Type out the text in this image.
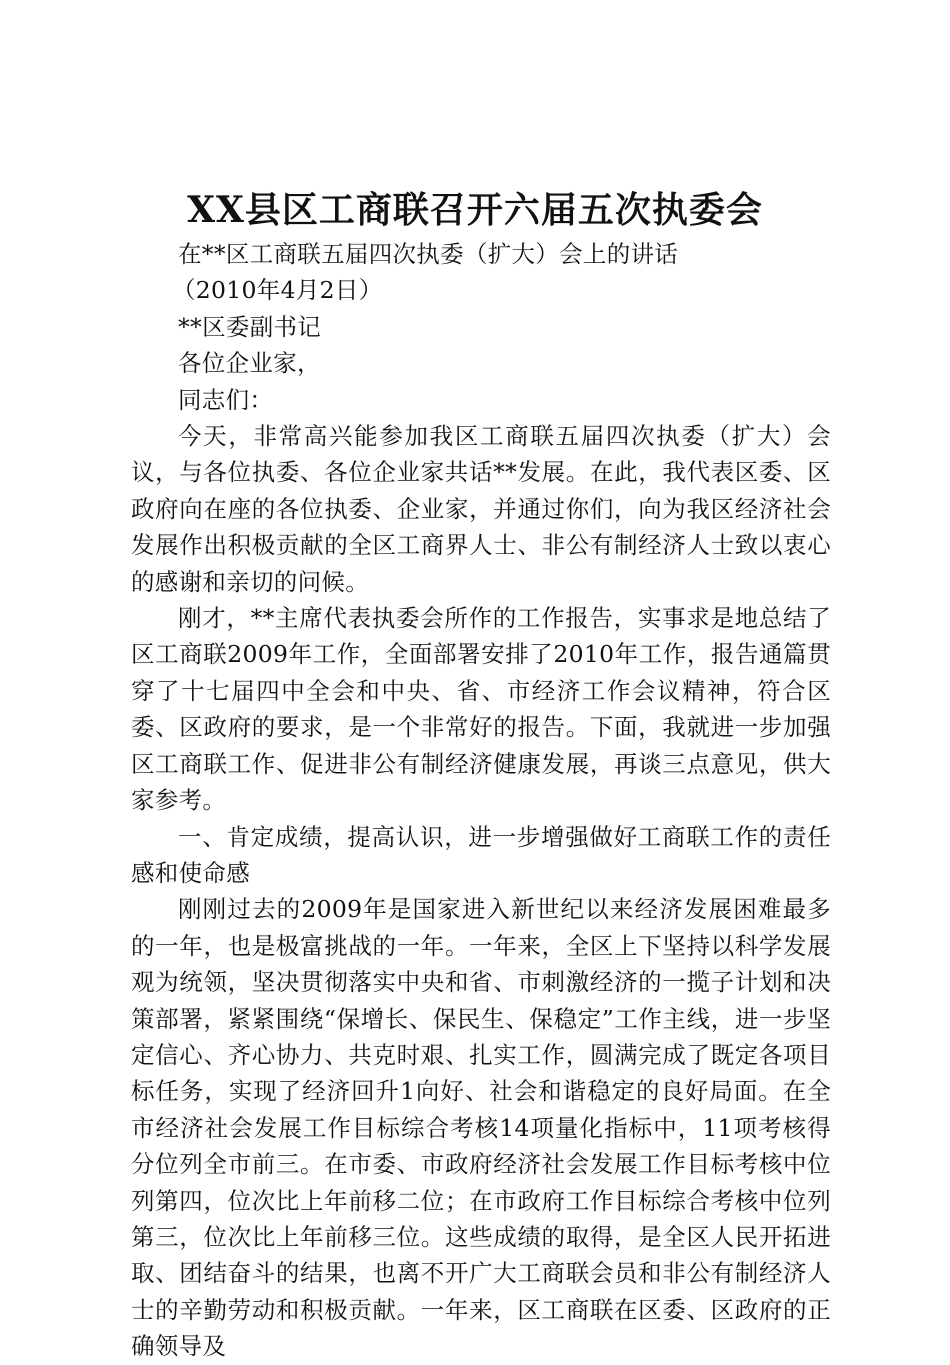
XX县区工商联召开六届五次执委会

在**区工商联五届四次执委（扩大）会上的讲话

（2010年4月2日）

**区委副书记

各位企业家，

同志们：

今天，非常高兴能参加我区工商联五届四次执委（扩大）会议，与各位执委、各位企业家共话**发展。在此，我代表区委、区政府向在座的各位执委、企业家，并通过你们，向为我区经济社会发展作出积极贡献的全区工商界人士、非公有制经济人士致以衷心的感谢和亲切的问候。

刚才，**主席代表执委会所作的工作报告，实事求是地总结了区工商联2009年工作，全面部署安排了2010年工作，报告通篇贯穿了十七届四中全会和中央、省、市经济工作会议精神，符合区委、区政府的要求，是一个非常好的报告。下面，我就进一步加强区工商联工作、促进非公有制经济健康发展，再谈三点意见，供大家参考。

一、肯定成绩，提高认识，进一步增强做好工商联工作的责任感和使命感

刚刚过去的2009年是国家进入新世纪以来经济发展困难最多的一年，也是极富挑战的一年。一年来，全区上下坚持以科学发展观为统领，坚决贯彻落实中央和省、市刺激经济的一揽子计划和决策部署，紧紧围绕“保增长、保民生、保稳定”工作主线，进一步坚定信心、齐心协力、共克时艰、扎实工作，圆满完成了既定各项目标任务，实现了经济回升1向好、社会和谐稳定的良好局面。在全市经济社会发展工作目标综合考核14项量化指标中，11项考核得分位列全市前三。在市委、市政府经济社会发展工作目标考核中位列第四，位次比上年前移二位；在市政府工作目标综合考核中位列第三，位次比上年前移三位。这些成绩的取得，是全区人民开拓进取、团结奋斗的结果，也离不开广大工商联会员和非公有制经济人士的辛勤劳动和积极贡献。一年来，区工商联在区委、区政府的正确领导及
